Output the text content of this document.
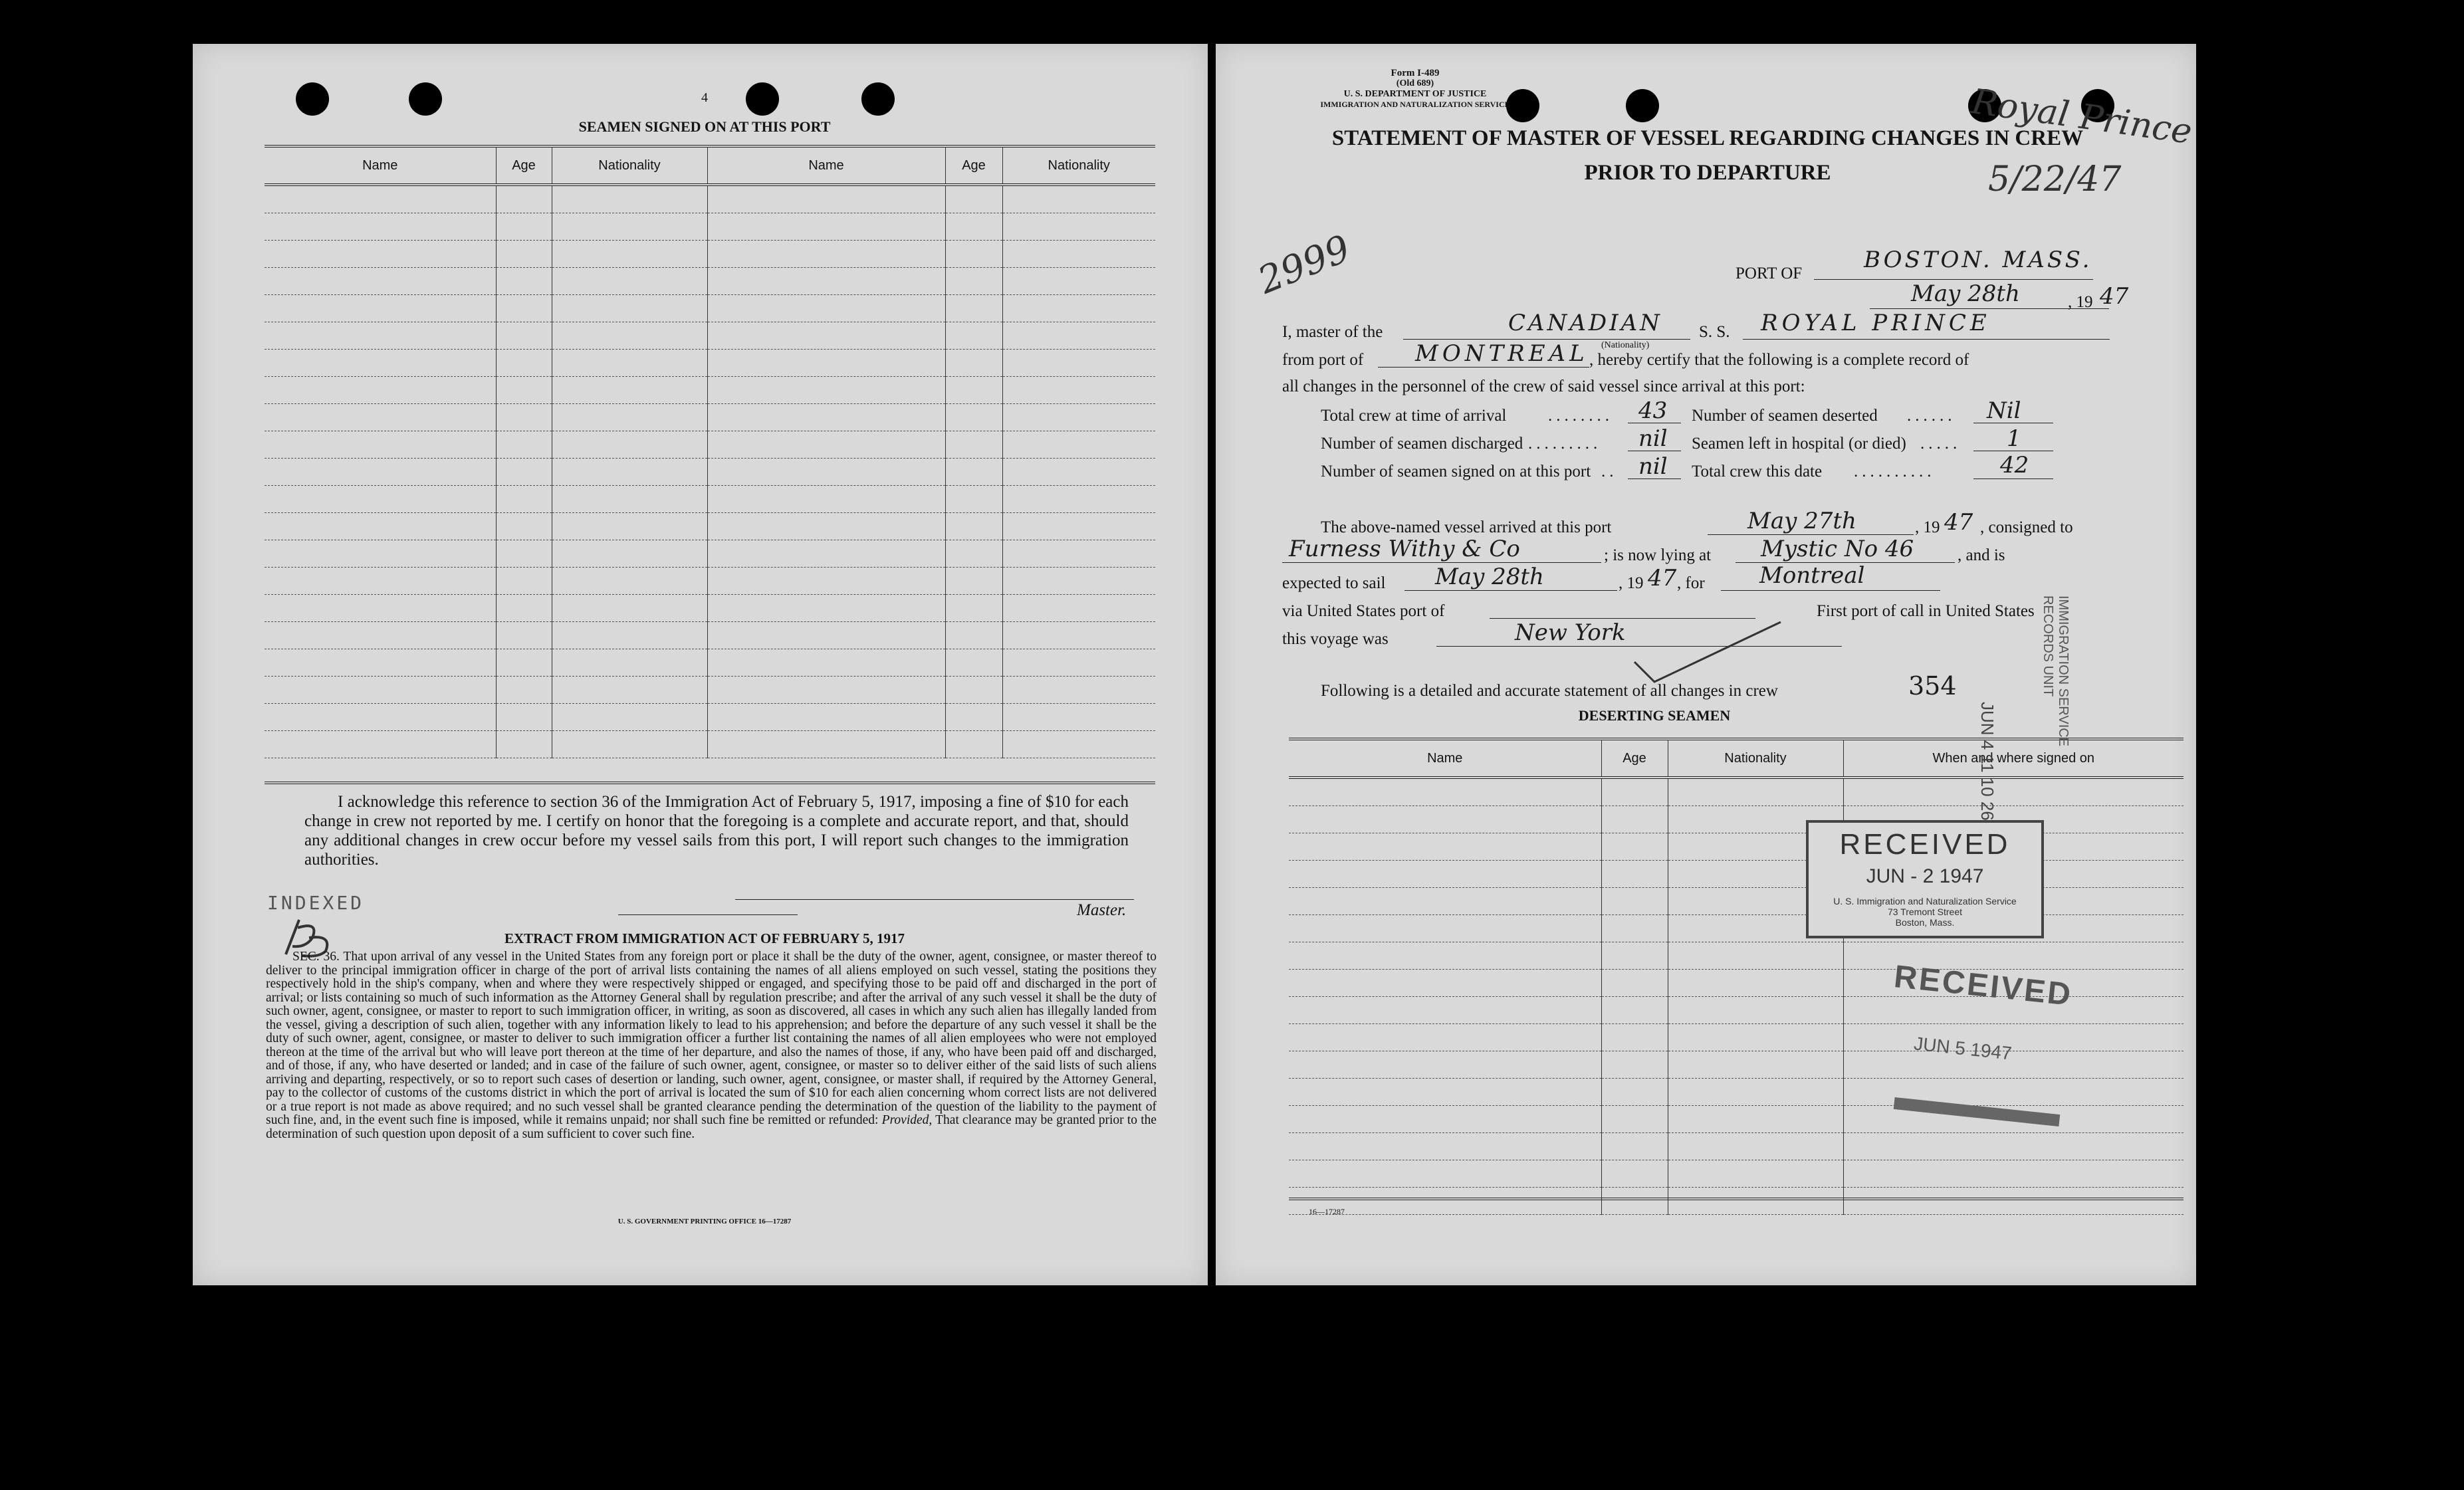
4
SEAMEN SIGNED ON AT THIS PORT
Name	Age	Nationality	Name	Age	Nationality

I acknowledge this reference to section 36 of the Immigration Act of February 5, 1917, imposing a fine of $10 for each change in crew not reported by me. I certify on honor that the foregoing is a complete and accurate report, and that, should any additional changes in crew occur before my vessel sails from this port, I will report such changes to the immigration authorities.
Master.
INDEXED
EXTRACT FROM IMMIGRATION ACT OF FEBRUARY 5, 1917
SEC. 36. That upon arrival of any vessel in the United States from any foreign port or place it shall be the duty of the owner, agent, consignee, or master thereof to deliver to the principal immigration officer in charge of the port of arrival lists containing the names of all aliens employed on such vessel, stating the positions they respectively hold in the ship's company, when and where they were respectively shipped or engaged, and specifying those to be paid off and discharged in the port of arrival; or lists containing so much of such information as the Attorney General shall by regulation prescribe; and after the arrival of any such vessel it shall be the duty of such owner, agent, consignee, or master to report to such immigration officer, in writing, as soon as discovered, all cases in which any such alien has illegally landed from the vessel, giving a description of such alien, together with any information likely to lead to his apprehension; and before the departure of any such vessel it shall be the duty of such owner, agent, consignee, or master to deliver to such immigration officer a further list containing the names of all alien employees who were not employed thereon at the time of the arrival but who will leave port thereon at the time of her departure, and also the names of those, if any, who have been paid off and discharged, and of those, if any, who have deserted or landed; and in case of the failure of such owner, agent, consignee, or master so to deliver either of the said lists of such aliens arriving and departing, respectively, or so to report such cases of desertion or landing, such owner, agent, consignee, or master shall, if required by the Attorney General, pay to the collector of customs of the customs district in which the port of arrival is located the sum of $10 for each alien concerning whom correct lists are not delivered or a true report is not made as above required; and no such vessel shall be granted clearance pending the determination of the question of the liability to the payment of such fine, and, in the event such fine is imposed, while it remains unpaid; nor shall such fine be remitted or refunded: Provided, That clearance may be granted prior to the determination of such question upon deposit of a sum sufficient to cover such fine.
U. S. GOVERNMENT PRINTING OFFICE 16—17287
Form I-489
(Old 689)
U. S. DEPARTMENT OF JUSTICE
IMMIGRATION AND NATURALIZATION SERVICE
STATEMENT OF MASTER OF VESSEL REGARDING CHANGES IN CREW
PRIOR TO DEPARTURE
Royal Prince
5/22/47
2999	PORT OF
BOSTON. MASS.
May 28th	, 19 47
I, master of the	CANADIAN
(Nationality)
S. S. ROYAL PRINCE
from port of MONTREAL , hereby certify that the following is a complete record of
all changes in the personnel of the crew of said vessel since arrival at this port:
Total crew at time of arrival	........ 43 Number of seamen deserted ...... Nil
Number of seamen discharged ......... nil Seamen left in hospital (or died) ..... 1
Number of seamen signed on at this port .. nil Total crew this date ..........	42
The above-named vessel arrived at this port	May 27th	, 19 47 , consigned to
Furness Withy & Co	; is now lying at Mystic No 46	, and is
expected to sail May 28th	, 19 47 , for Montreal
via United States port of	First port of call in United States
this voyage was	New York
Following is a detailed and accurate statement of all changes in crew	354
DESERTING SEAMEN
Name	Age	Nationality	When and where signed on

RECEIVED
JUN - 2 1947
U. S. Immigration and Naturalization Service
73 Tremont Street
Boston, Mass.
RECEIVED
JUN 5 1947
JUN 4 11 10 26
IMMIGRATION SERVICE RECORDS UNIT
16—17287
